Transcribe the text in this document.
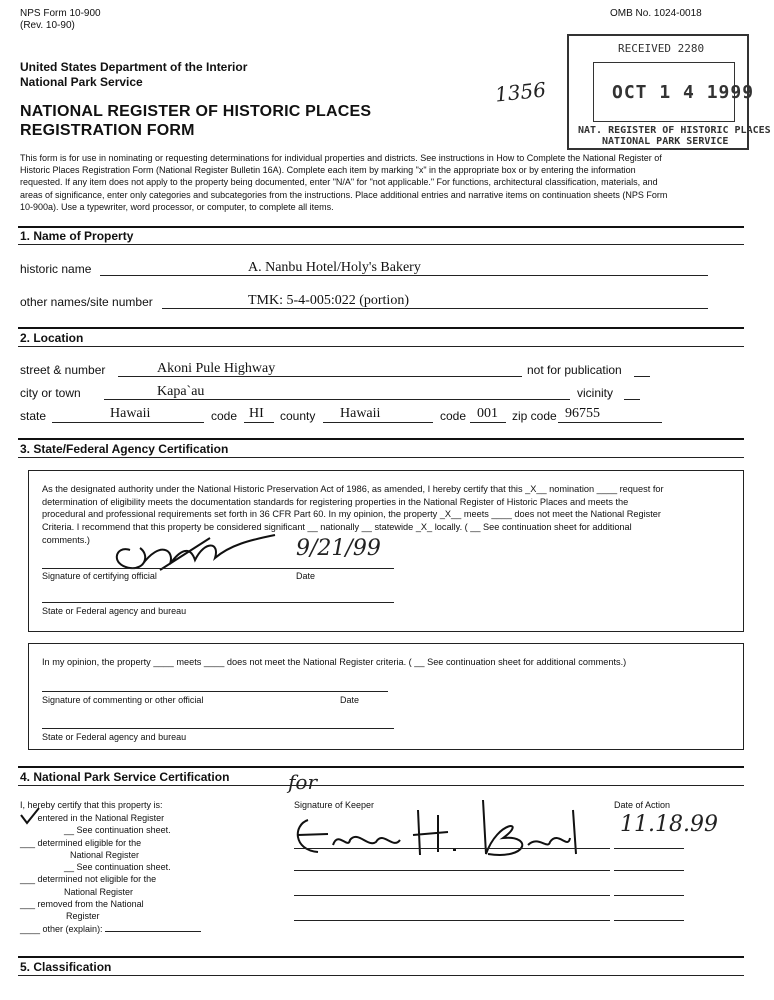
NPS Form 10-900
(Rev. 10-90)
OMB No. 1024-0018
United States Department of the Interior
National Park Service
NATIONAL REGISTER OF HISTORIC PLACES
REGISTRATION FORM
1356
RECEIVED 2280
OCT 1 4 1999
NAT. REGISTER OF HISTORIC PLACES
NATIONAL PARK SERVICE
This form is for use in nominating or requesting determinations for individual properties and districts. See instructions in How to Complete the National Register of
Historic Places Registration Form (National Register Bulletin 16A). Complete each item by marking "x" in the appropriate box or by entering the information
requested. If any item does not apply to the property being documented, enter "N/A" for "not applicable." For functions, architectural classification, materials, and
areas of significance, enter only categories and subcategories from the instructions. Place additional entries and narrative items on continuation sheets (NPS Form
10-900a). Use a typewriter, word processor, or computer, to complete all items.
1. Name of Property
historic name	A. Nanbu Hotel/Holy's Bakery
other names/site number	TMK: 5-4-005:022 (portion)
2. Location
street & number	Akoni Pule Highway	not for publication
city or town	Kapa`au	vicinity
state	Hawaii	code HI county Hawaii	code 001 zip code 96755
3. State/Federal Agency Certification
As the designated authority under the National Historic Preservation Act of 1986, as amended, I hereby certify that this _X__ nomination ____ request for
determination of eligibility meets the documentation standards for registering properties in the National Register of Historic Places and meets the
procedural and professional requirements set forth in 36 CFR Part 60. In my opinion, the property _X__ meets ____ does not meet the National Register
Criteria. I recommend that this property be considered significant __ nationally __ statewide _X_ locally. ( __ See continuation sheet for additional
comments.)	9/21/99
Signature of certifying official	Date
State or Federal agency and bureau
In my opinion, the property ____ meets ____ does not meet the National Register criteria. ( __ See continuation sheet for additional comments.)
Signature of commenting or other official	Date
State or Federal agency and bureau
4. National Park Service Certification
I, hereby certify that this property is:
entered in the National Register
__ See continuation sheet.
___ determined eligible for the
National Register
__ See continuation sheet.
___ determined not eligible for the
National Register
___ removed from the National
Register
____ other (explain):
for
Signature of Keeper	Date of Action
11.18.99
5. Classification
